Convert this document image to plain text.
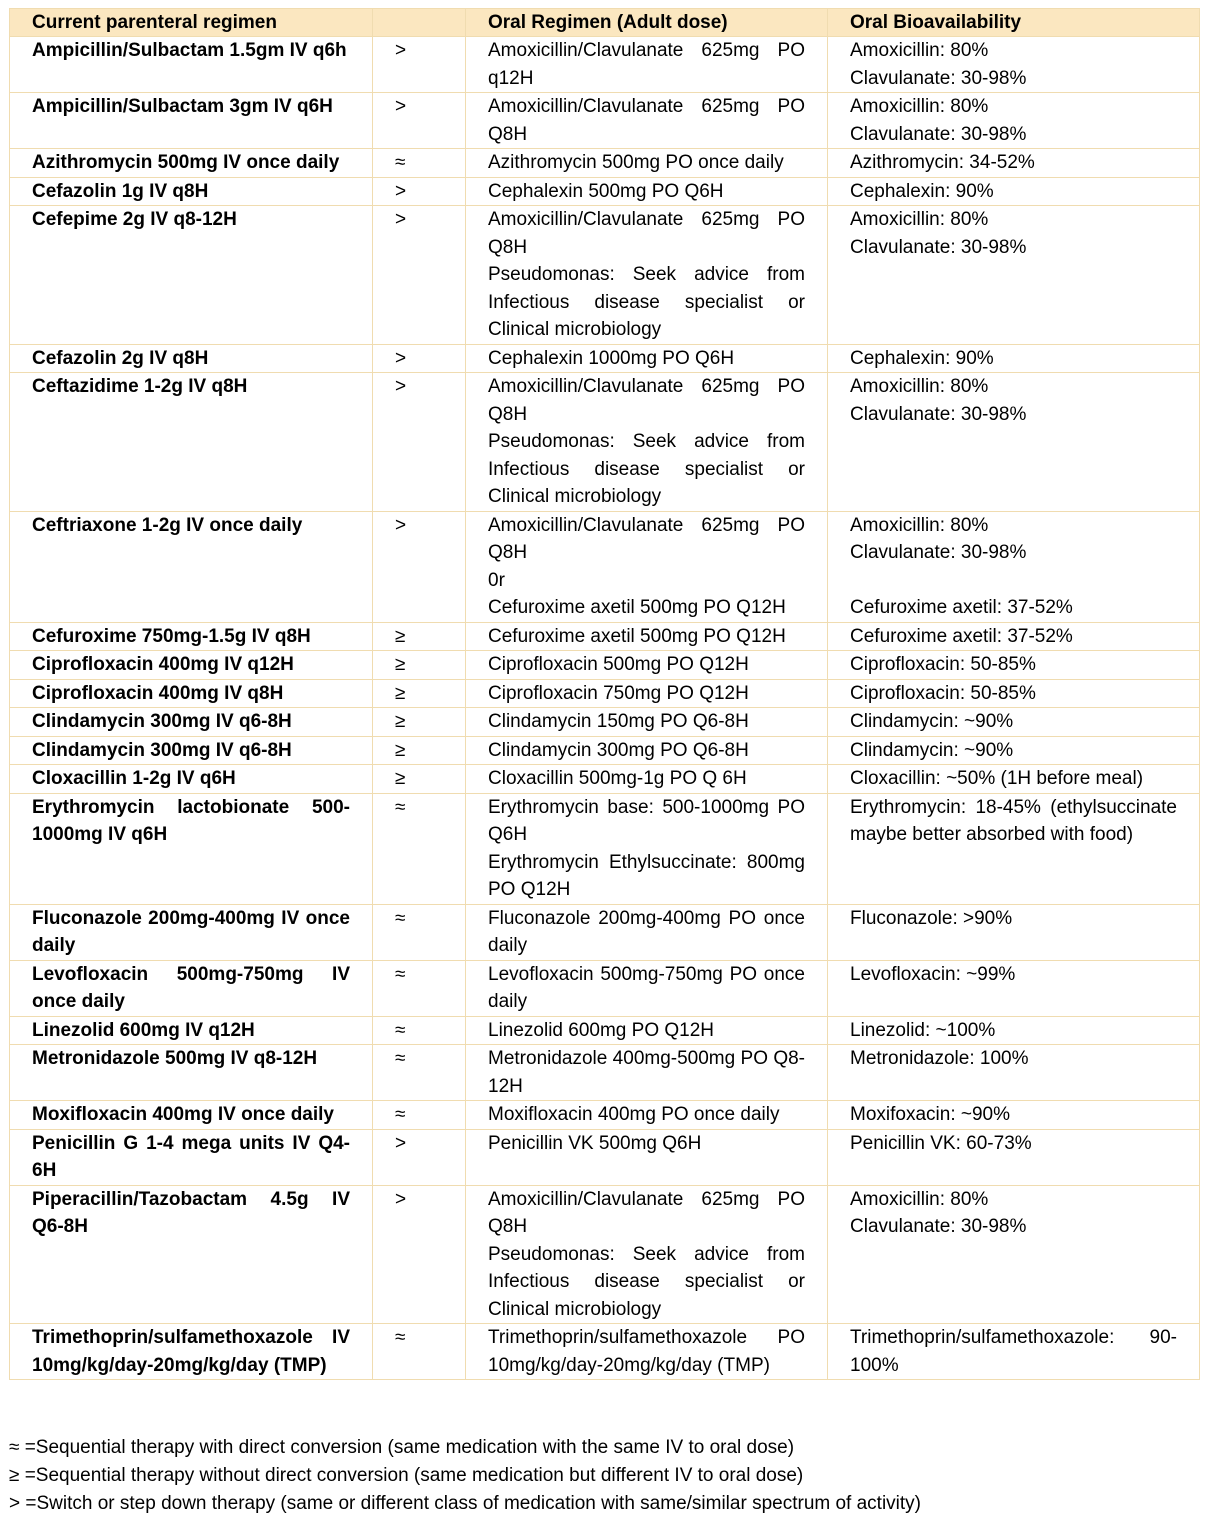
Current parenteral regimen		Oral Regimen (Adult dose)	Oral Bioavailability
Ampicillin/Sulbactam 1.5gm IV q6h	>	Amoxicillin/Clavulanate 625mg PO q12H	Amoxicillin: 80%
Clavulanate: 30-98%

Ampicillin/Sulbactam 3gm IV q6H	>	Amoxicillin/Clavulanate 625mg PO Q8H	Amoxicillin: 80%
Clavulanate: 30-98%

Azithromycin 500mg IV once daily	≈	Azithromycin 500mg PO once daily	Azithromycin: 34-52%

Cefazolin 1g IV q8H	>	Cephalexin 500mg PO Q6H	Cephalexin: 90%

Cefepime 2g IV q8-12H	>	Amoxicillin/Clavulanate 625mg PO Q8H
Pseudomonas: Seek advice from Infectious disease specialist or Clinical microbiology	Amoxicillin: 80%
Clavulanate: 30-98%

Cefazolin 2g IV q8H	>	Cephalexin 1000mg PO Q6H	Cephalexin: 90%

Ceftazidime 1-2g IV q8H	>	Amoxicillin/Clavulanate 625mg PO Q8H
Pseudomonas: Seek advice from Infectious disease specialist or Clinical microbiology	Amoxicillin: 80%
Clavulanate: 30-98%

Ceftriaxone 1-2g IV once daily	>	Amoxicillin/Clavulanate 625mg PO Q8H
0r
Cefuroxime axetil 500mg PO Q12H	Amoxicillin: 80%
Clavulanate: 30-98%
Cefuroxime axetil: 37-52%

Cefuroxime 750mg-1.5g IV q8H	≥	Cefuroxime axetil 500mg PO Q12H	Cefuroxime axetil: 37-52%

Ciprofloxacin 400mg IV q12H	≥	Ciprofloxacin 500mg PO Q12H	Ciprofloxacin: 50-85%

Ciprofloxacin 400mg IV q8H	≥	Ciprofloxacin 750mg PO Q12H	Ciprofloxacin: 50-85%

Clindamycin 300mg IV q6-8H	≥	Clindamycin 150mg PO Q6-8H	Clindamycin: ~90%

Clindamycin 300mg IV q6-8H	≥	Clindamycin 300mg PO Q6-8H	Clindamycin: ~90%

Cloxacillin 1-2g IV q6H	≥	Cloxacillin 500mg-1g PO Q 6H	Cloxacillin: ~50% (1H before meal)

Erythromycin lactobionate 500-1000mg IV q6H	≈	Erythromycin base: 500-1000mg PO Q6H
Erythromycin Ethylsuccinate: 800mg PO Q12H	Erythromycin: 18-45% (ethylsuccinate maybe better absorbed with food)

Fluconazole 200mg-400mg IV once daily	≈	Fluconazole 200mg-400mg PO once daily	Fluconazole: >90%

Levofloxacin 500mg-750mg IV once daily	≈	Levofloxacin 500mg-750mg PO once daily	Levofloxacin: ~99%

Linezolid 600mg IV q12H	≈	Linezolid 600mg PO Q12H	Linezolid: ~100%

Metronidazole 500mg IV q8-12H	≈	Metronidazole 400mg-500mg PO Q8-12H	Metronidazole: 100%

Moxifloxacin 400mg IV once daily	≈	Moxifloxacin 400mg PO once daily	Moxifoxacin: ~90%

Penicillin G 1-4 mega units IV Q4-6H	>	Penicillin VK 500mg Q6H	Penicillin VK: 60-73%

Piperacillin/Tazobactam 4.5g IV Q6-8H	>	Amoxicillin/Clavulanate 625mg PO Q8H
Pseudomonas: Seek advice from Infectious disease specialist or Clinical microbiology	Amoxicillin: 80%
Clavulanate: 30-98%

Trimethoprin/sulfamethoxazole IV 10mg/kg/day-20mg/kg/day (TMP)	≈	Trimethoprin/sulfamethoxazole PO 10mg/kg/day-20mg/kg/day (TMP)	Trimethoprin/sulfamethoxazole: 90-100%
≈ =Sequential therapy with direct conversion (same medication with the same IV to oral dose)
≥ =Sequential therapy without direct conversion (same medication but different IV to oral dose)
> =Switch or step down therapy (same or different class of medication with same/similar spectrum of activity)
